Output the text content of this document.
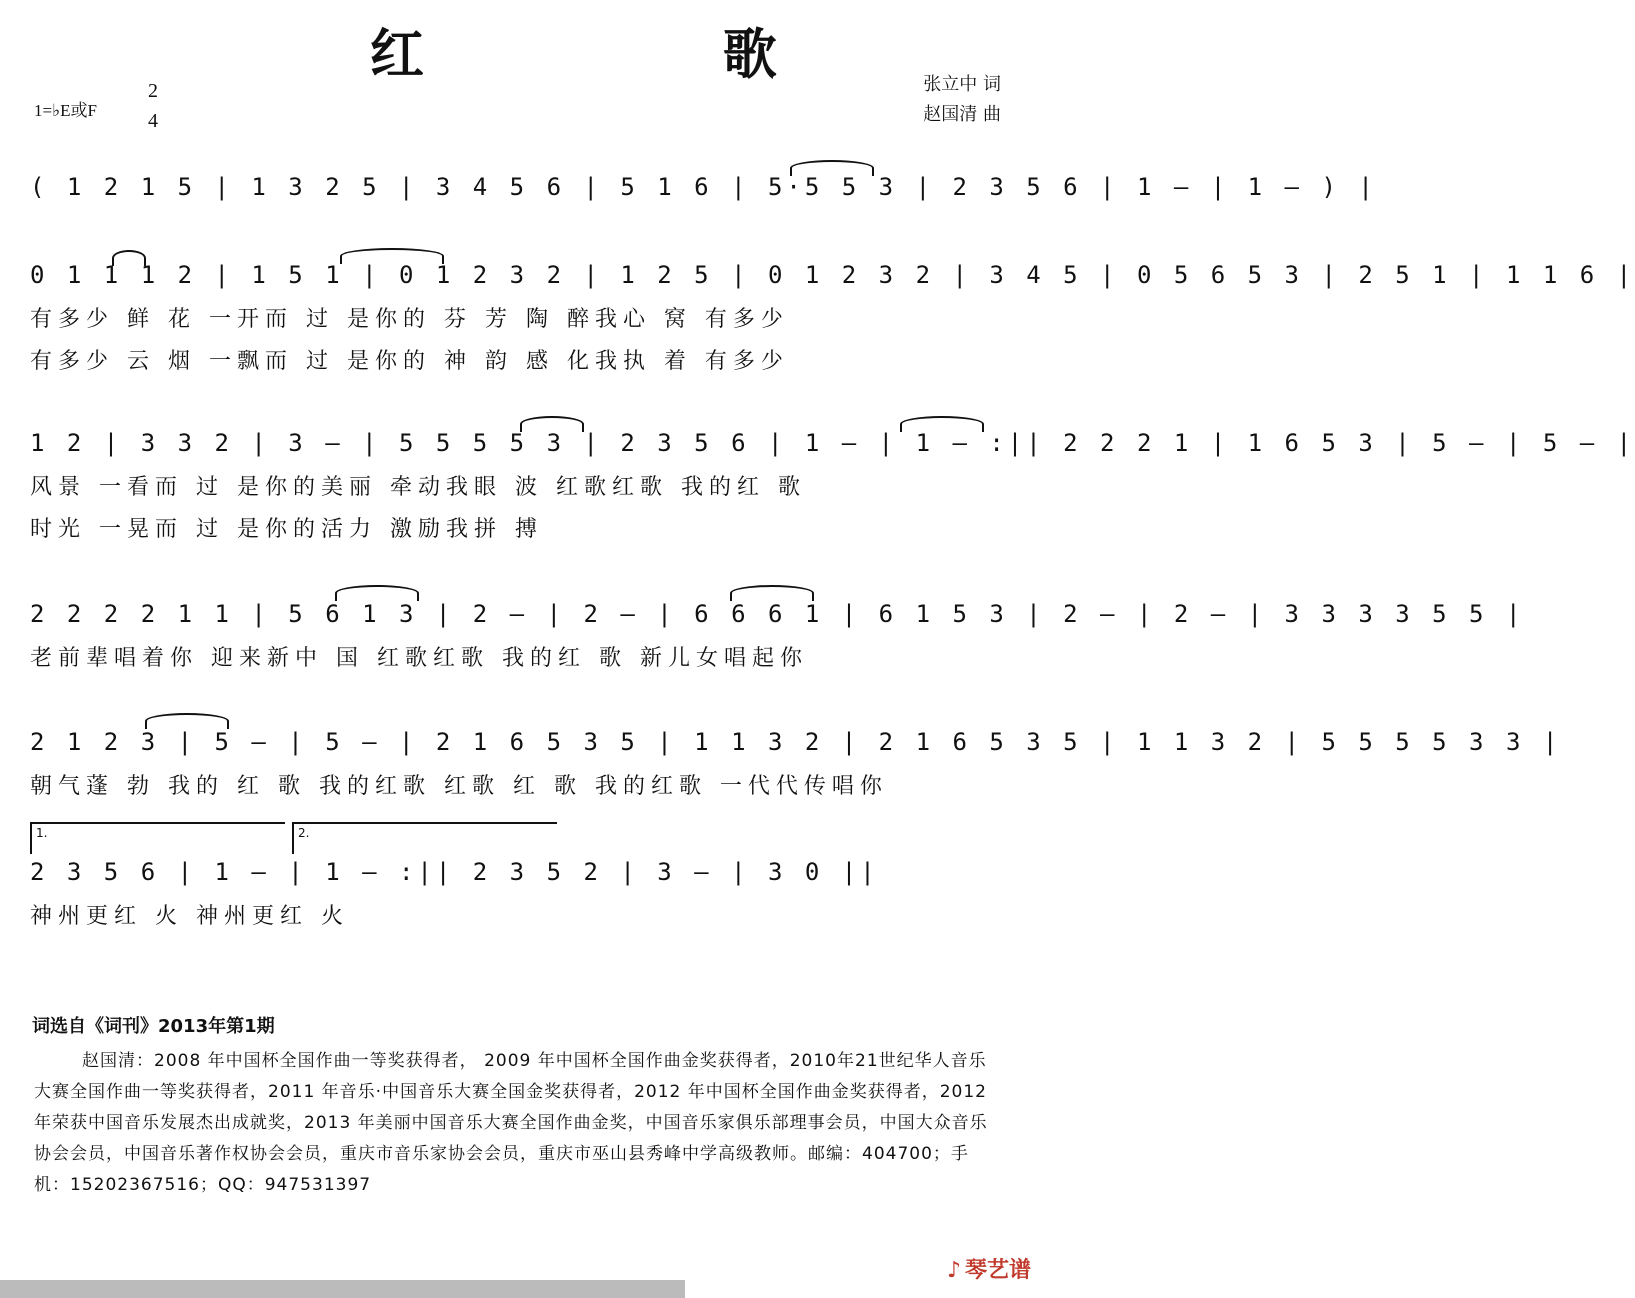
红 歌
1=♭E或F
2
4
张立中 词
赵国清 曲
( 1 2 1 5 | 1 3 2 5 | 3 4 5 6 | 5 1 6 | 5·5 5 3 | 2 3 5 6 | 1 — | 1 — ) |
0 1 1 1 2 | 1 5 1 | 0 1 2 3 2 | 1 2 5 | 0 1 2 3 2 | 3 4 5 | 0 5 6 5 3 | 2 5 1 | 1 1 6 |
有多少 鲜 花 一开而 过 是你的 芬 芳 陶 醉我心 窝 有多少
有多少 云 烟 一飘而 过 是你的 神 韵 感 化我执 着 有多少
1 2 | 3 3 2 | 3 — | 5 5 5 5 3 | 2 3 5 6 | 1 — | 1 — :|| 2 2 2 1 | 1 6 5 3 | 5 — | 5 — |
风景 一看而 过 是你的美丽 牵动我眼 波 红歌红歌 我的红 歌
时光 一晃而 过 是你的活力 激励我拼 搏
2 2 2 2 1 1 | 5 6 1 3 | 2 — | 2 — | 6 6 6 1 | 6 1 5 3 | 2 — | 2 — | 3 3 3 3 5 5 |
老前辈唱着你 迎来新中 国 红歌红歌 我的红 歌 新儿女唱起你
2 1 2 3 | 5 — | 5 — | 2 1 6 5 3 5 | 1 1 3 2 | 2 1 6 5 3 5 | 1 1 3 2 | 5 5 5 5 3 3 |
朝气蓬 勃 我的 红 歌 我的红歌 红歌 红 歌 我的红歌 一代代传唱你
1.	2.
2 3 5 6 | 1 — | 1 — :|| 2 3 5 2 | 3 — | 3 0 ||
神州更红 火 神州更红 火
词选自《词刊》2013年第1期
赵国清：2008 年中国杯全国作曲一等奖获得者， 2009 年中国杯全国作曲金奖获得者，2010年21世纪华人音乐大赛全国作曲一等奖获得者，2011 年音乐·中国音乐大赛全国金奖获得者，2012 年中国杯全国作曲金奖获得者，2012 年荣获中国音乐发展杰出成就奖，2013 年美丽中国音乐大赛全国作曲金奖，中国音乐家俱乐部理事会员，中国大众音乐协会会员，中国音乐著作权协会会员，重庆市音乐家协会会员，重庆市巫山县秀峰中学高级教师。邮编：404700；手机：15202367516；QQ：947531397
♪ 琴艺谱
